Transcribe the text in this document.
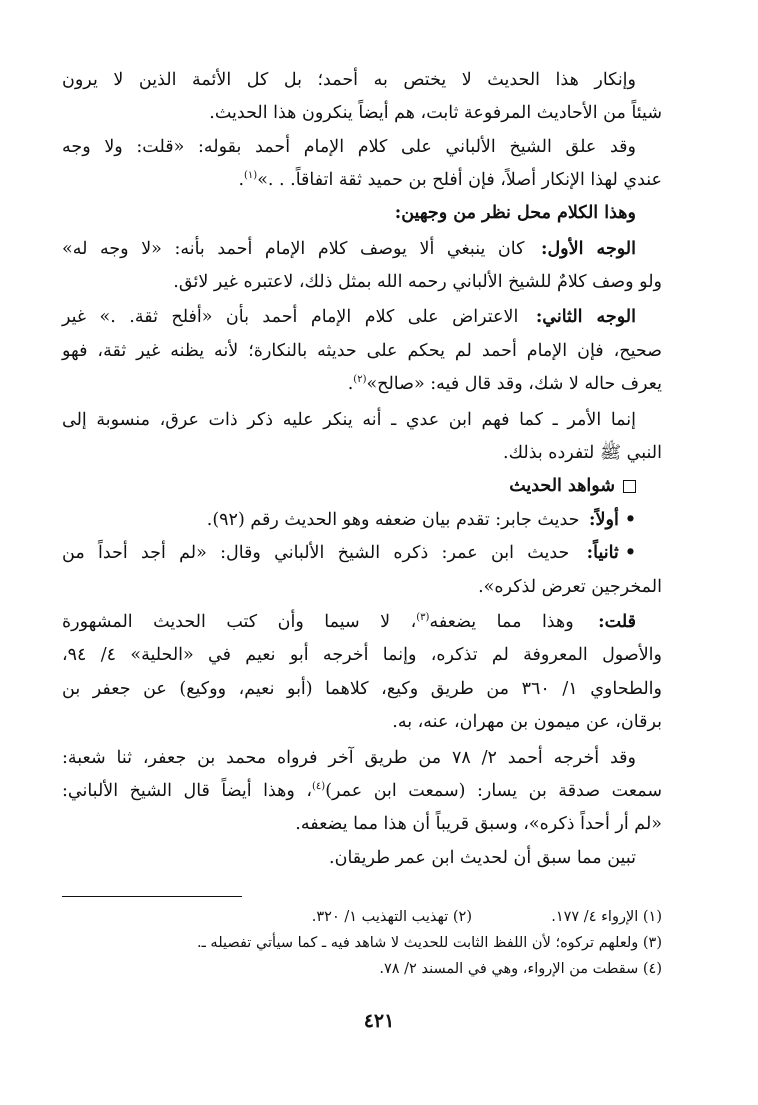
وإنكار هذا الحديث لا يختص به أحمد؛ بل كل الأئمة الذين لا يرون
شيئاً من الأحاديث المرفوعة ثابت، هم أيضاً ينكرون هذا الحديث.
وقد علق الشيخ الألباني على كلام الإمام أحمد بقوله: «قلت: ولا وجه
عندي لهذا الإنكار أصلاً، فإن أفلح بن حميد ثقة اتفاقاً. . .»$^{(١)}$.
وهذا الكلام محل نظر من وجهين:
الوجه الأول: كان ينبغي ألا يوصف كلام الإمام أحمد بأنه: «لا وجه له»
ولو وصف كلامٌ للشيخ الألباني رحمه الله بمثل ذلك، لاعتبره غير لائق.
الوجه الثاني: الاعتراض على كلام الإمام أحمد بأن «أفلح ثقة. .» غير
صحيح، فإن الإمام أحمد لم يحكم على حديثه بالنكارة؛ لأنه يظنه غير ثقة، فهو
يعرف حاله لا شك، وقد قال فيه: «صالح»$^{(٢)}$.
إنما الأمر ـ كما فهم ابن عدي ـ أنه ينكر عليه ذكر ذات عرق، منسوبة إلى
النبي ﷺ لتفرده بذلك.
شواهد الحديث
•أولاً: حديث جابر: تقدم بيان ضعفه وهو الحديث رقم (٩٢).
•ثانياً: حديث ابن عمر: ذكره الشيخ الألباني وقال: «لم أجد أحداً من
المخرجين تعرض لذكره».
قلت: وهذا مما يضعفه$^{(٣)}$، لا سيما وأن كتب الحديث المشهورة
والأصول المعروفة لم تذكره، وإنما أخرجه أبو نعيم في «الحلية» ٤/ ٩٤،
والطحاوي ١/ ٣٦٠ من طريق وكيع، كلاهما (أبو نعيم، ووكيع) عن جعفر بن
برقان، عن ميمون بن مهران، عنه، به.
وقد أخرجه أحمد ٢/ ٧٨ من طريق آخر فرواه محمد بن جعفر، ثنا شعبة:
سمعت صدقة بن يسار: (سمعت ابن عمر)$^{(٤)}$، وهذا أيضاً قال الشيخ الألباني:
«لم أر أحداً ذكره»، وسبق قريباً أن هذا مما يضعفه.
تبين مما سبق أن لحديث ابن عمر طريقان.
(١) الإرواء ٤/ ١٧٧.
(٢) تهذيب التهذيب ١/ ٣٢٠.
(٣) ولعلهم تركوه؛ لأن اللفظ الثابت للحديث لا شاهد فيه ـ كما سيأتي تفصيله ـ.
(٤) سقطت من الإرواء، وهي في المسند ٢/ ٧٨.
٤٢١
